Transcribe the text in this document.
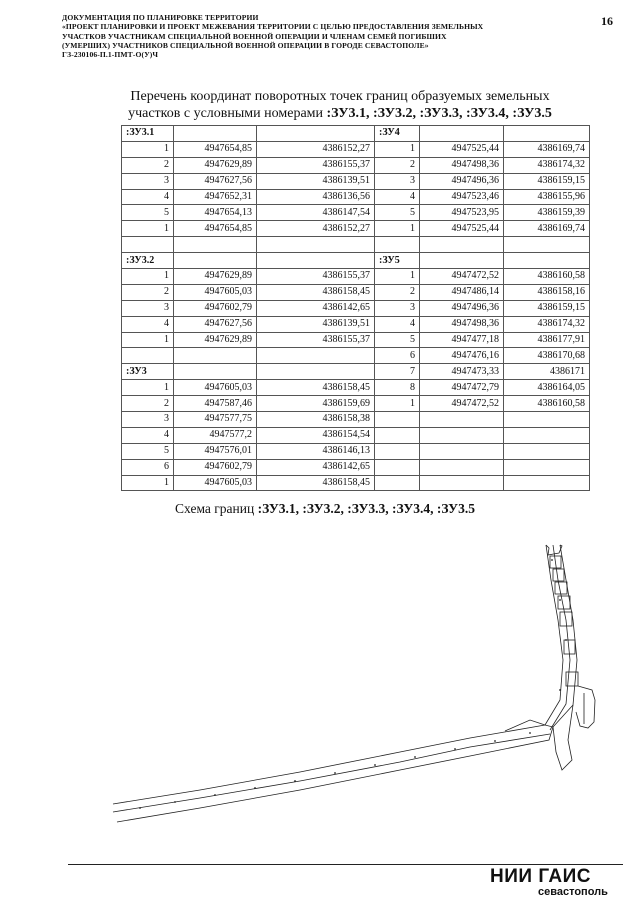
ДОКУМЕНТАЦИЯ ПО ПЛАНИРОВКЕ ТЕРРИТОРИИ
«ПРОЕКТ ПЛАНИРОВКИ И ПРОЕКТ МЕЖЕВАНИЯ ТЕРРИТОРИИ С ЦЕЛЬЮ ПРЕДОСТАВЛЕНИЯ ЗЕМЕЛЬНЫХ
УЧАСТКОВ УЧАСТНИКАМ СПЕЦИАЛЬНОЙ ВОЕННОЙ ОПЕРАЦИИ И ЧЛЕНАМ СЕМЕЙ ПОГИБШИХ
(УМЕРШИХ) УЧАСТНИКОВ СПЕЦИАЛЬНОЙ ВОЕННОЙ ОПЕРАЦИИ В ГОРОДЕ СЕВАСТОПОЛЕ»
ГЗ-230106-П.1-ПМТ-О(У)Ч
16
Перечень координат поворотных точек границ образуемых земельных
участков с условными номерами :ЗУ3.1, :ЗУ3.2, :ЗУ3.3, :ЗУ3.4, :ЗУ3.5
:ЗУ3.1			:ЗУ4		
1	4947654,85	4386152,27	1	4947525,44	4386169,74
2	4947629,89	4386155,37	2	4947498,36	4386174,32
3	4947627,56	4386139,51	3	4947496,36	4386159,15
4	4947652,31	4386136,56	4	4947523,46	4386155,96
5	4947654,13	4386147,54	5	4947523,95	4386159,39
1	4947654,85	4386152,27	1	4947525,44	4386169,74

:ЗУ3.2			:ЗУ5		
1	4947629,89	4386155,37	1	4947472,52	4386160,58
2	4947605,03	4386158,45	2	4947486,14	4386158,16
3	4947602,79	4386142,65	3	4947496,36	4386159,15
4	4947627,56	4386139,51	4	4947498,36	4386174,32
1	4947629,89	4386155,37	5	4947477,18	4386177,91
			6	4947476,16	4386170,68
:ЗУ3			7	4947473,33	4386171
1	4947605,03	4386158,45	8	4947472,79	4386164,05
2	4947587,46	4386159,69	1	4947472,52	4386160,58
3	4947577,75	4386158,38			
4	4947577,2	4386154,54			
5	4947576,01	4386146,13			
6	4947602,79	4386142,65			
1	4947605,03	4386158,45			
Схема границ :ЗУ3.1, :ЗУ3.2, :ЗУ3.3, :ЗУ3.4, :ЗУ3.5
НИИ ГАИС
севастополь
